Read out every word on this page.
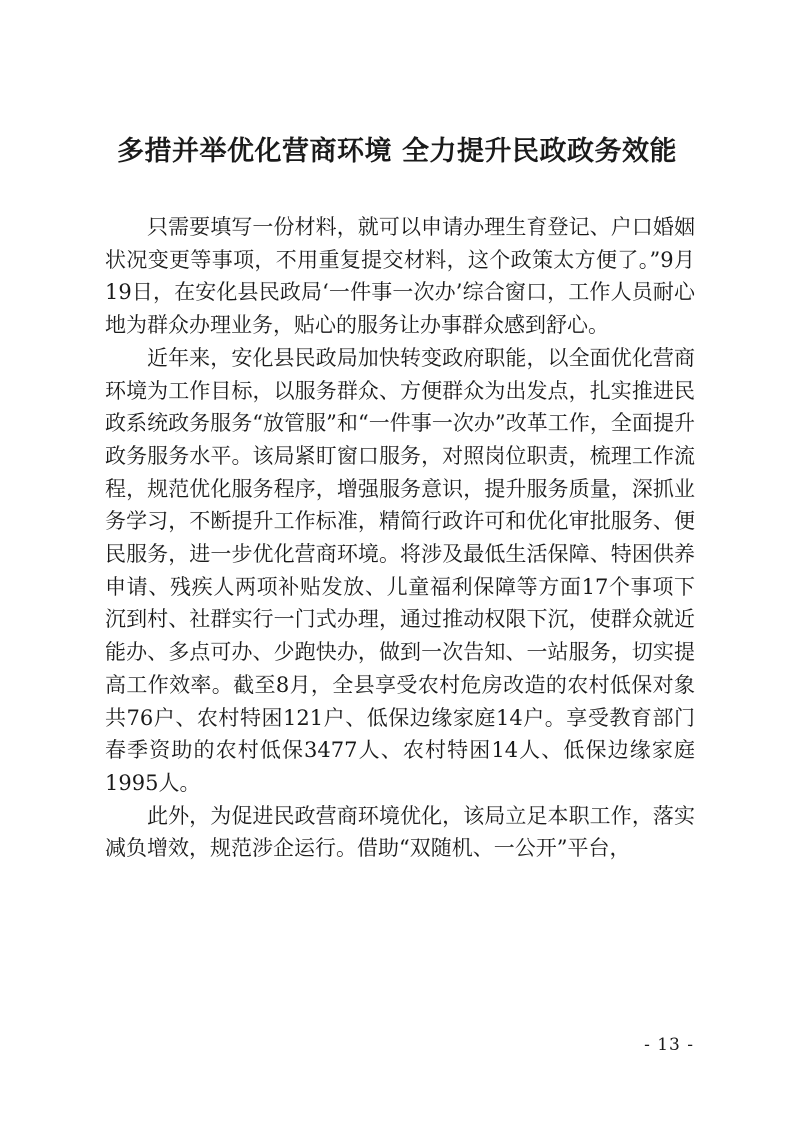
多措并举优化营商环境 全力提升民政政务效能

只需要填写一份材料，就可以申请办理生育登记、户口婚姻状况变更等事项，不用重复提交材料，这个政策太方便了。”9月19日，在安化县民政局‘一件事一次办’综合窗口，工作人员耐心地为群众办理业务，贴心的服务让办事群众感到舒心。

近年来，安化县民政局加快转变政府职能，以全面优化营商环境为工作目标，以服务群众、方便群众为出发点，扎实推进民政系统政务服务“放管服”和“一件事一次办”改革工作，全面提升政务服务水平。该局紧盯窗口服务，对照岗位职责，梳理工作流程，规范优化服务程序，增强服务意识，提升服务质量，深抓业务学习，不断提升工作标准，精简行政许可和优化审批服务、便民服务，进一步优化营商环境。将涉及最低生活保障、特困供养申请、残疾人两项补贴发放、儿童福利保障等方面17个事项下沉到村、社群实行一门式办理，通过推动权限下沉，使群众就近能办、多点可办、少跑快办，做到一次告知、一站服务，切实提高工作效率。截至8月，全县享受农村危房改造的农村低保对象共76户、农村特困121户、低保边缘家庭14户。享受教育部门春季资助的农村低保3477人、农村特困14人、低保边缘家庭1995人。

此外，为促进民政营商环境优化，该局立足本职工作，落实减负增效，规范涉企运行。借助“双随机、一公开”平台，

- 13 -
